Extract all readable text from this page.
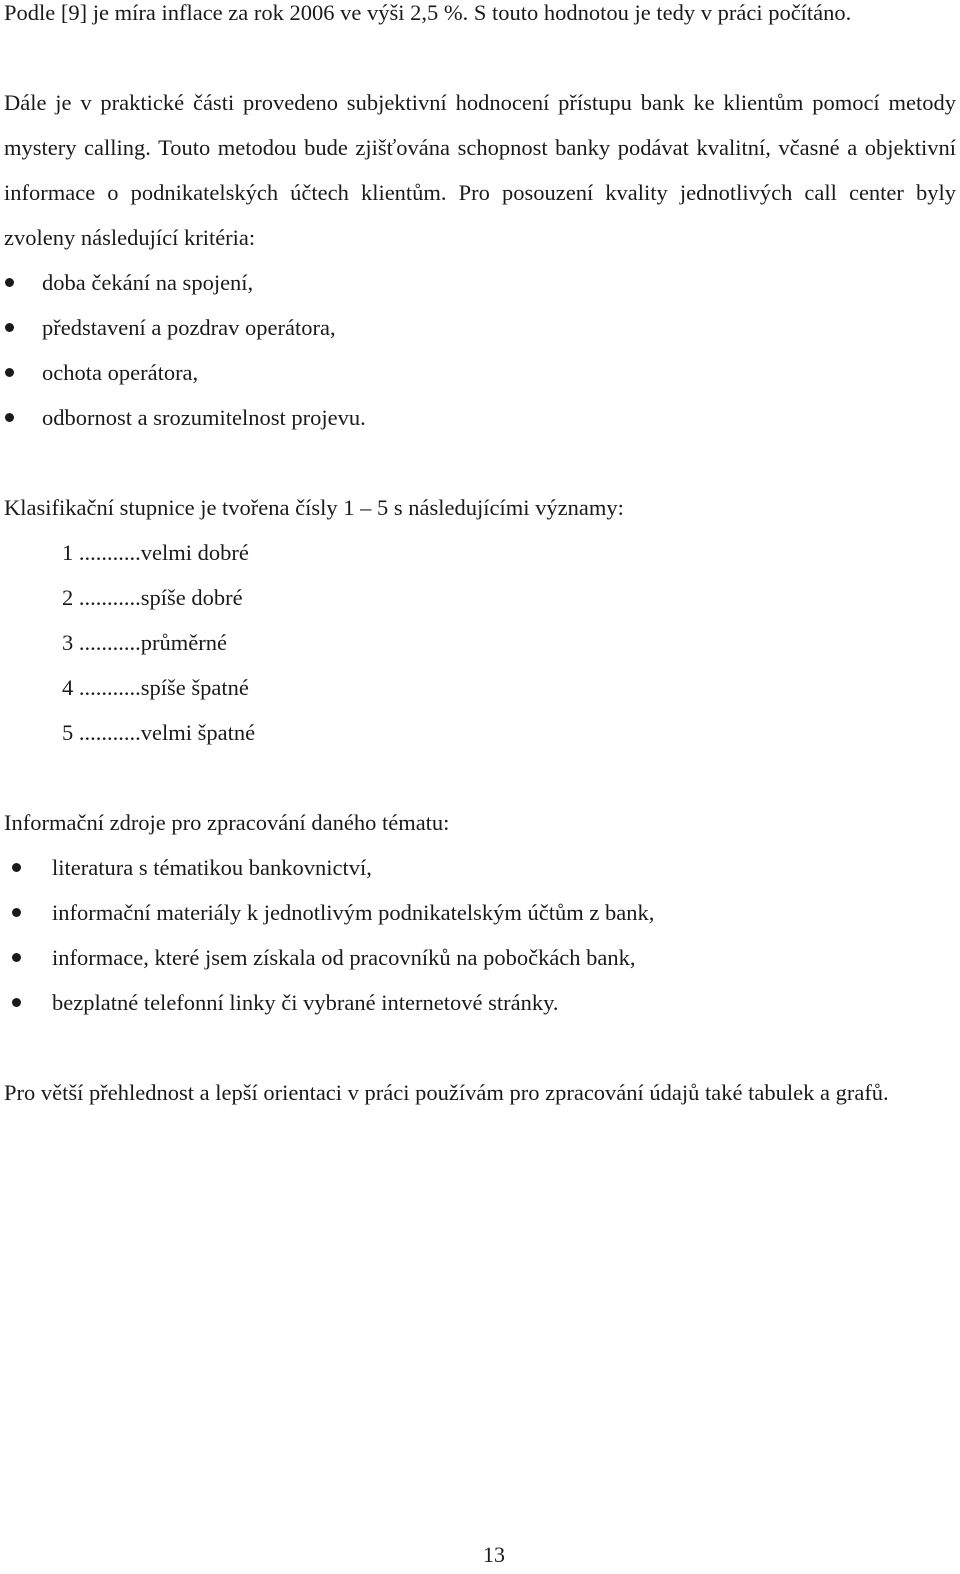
Podle [9] je míra inflace za rok 2006 ve výši 2,5 %. S touto hodnotou je tedy v práci počítáno.

Dále je v praktické části provedeno subjektivní hodnocení přístupu bank ke klientům pomocí metody mystery calling. Touto metodou bude zjišťována schopnost banky podávat kvalitní, včasné a objektivní informace o podnikatelských účtech klientům. Pro posouzení kvality jednotlivých call center byly zvoleny následující kritéria:

doba čekání na spojení,
představení a pozdrav operátora,
ochota operátora,
odbornost a srozumitelnost projevu.

Klasifikační stupnice je tvořena čísly 1 – 5 s následujícími významy:

1 ...........velmi dobré
2 ...........spíše dobré
3 ...........průměrné
4 ...........spíše špatné
5 ...........velmi špatné

Informační zdroje pro zpracování daného tématu:

literatura s tématikou bankovnictví,
informační materiály k jednotlivým podnikatelským účtům z bank,
informace, které jsem získala od pracovníků na pobočkách bank,
bezplatné telefonní linky či vybrané internetové stránky.

Pro větší přehlednost a lepší orientaci v práci používám pro zpracování údajů také tabulek a grafů.

13
